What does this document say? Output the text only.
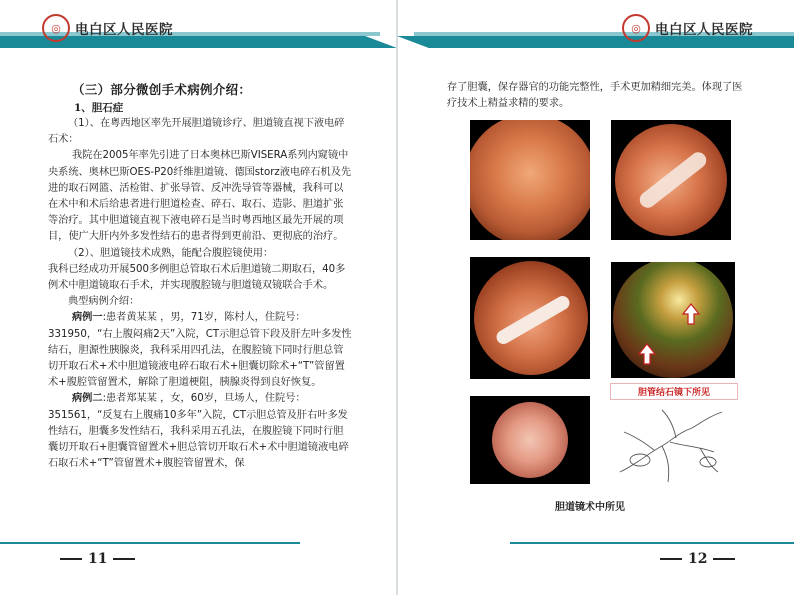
◎	电白区人民医院
（三）部分微创手术病例介绍：
1、胆石症

（1）、在粤西地区率先开展胆道镜诊疗、胆道镜直视下液电碎石术：

我院在2005年率先引进了日本奥林巴斯VISERA系列内窥镜中央系统、奥林巴斯OES-P20纤维胆道镜、德国storz液电碎石机及先进的取石网篮、活检钳、扩张导管、反冲洗导管等器械，我科可以在术中和术后给患者进行胆道检查、碎石、取石、造影、胆道扩张等治疗。其中胆道镜直视下液电碎石是当时粤西地区最先开展的项目，使广大肝内外多发性结石的患者得到更前沿、更彻底的治疗。

（2）、胆道镜技术成熟，能配合腹腔镜使用：

我科已经成功开展500多例胆总管取石术后胆道镜二期取石，40多例术中胆道镜取石手术，并实现腹腔镜与胆道镜双镜联合手术。

典型病例介绍：

病例一:患者黄某某 ，男，71岁，陈村人，住院号：331950，“右上腹闷痛2天”入院，CT示胆总管下段及肝左叶多发性结石，胆源性胰腺炎，我科采用四孔法，在腹腔镜下同时行胆总管切开取石术+术中胆道镜液电碎石取石术+胆囊切除术+“T”管留置术+腹腔管留置术，解除了胆道梗阻，胰腺炎得到良好恢复。

病例二:患者郑某某 ，女，60岁，旦场人，住院号：351561，“反复右上腹痛10多年”入院，CT示胆总管及肝右叶多发性结石，胆囊多发性结石，我科采用五孔法，在腹腔镜下同时行胆囊切开取石+胆囊管留置术+胆总管切开取石术+术中胆道镜液电碎石取石术+“T”管留置术+腹腔管留置术，保

11
◎	电白区人民医院

存了胆囊，保存器官的功能完整性，手术更加精细完美。体现了医疗技术上精益求精的要求。

胆管结石镜下所见
胆道镜术中所见
12
